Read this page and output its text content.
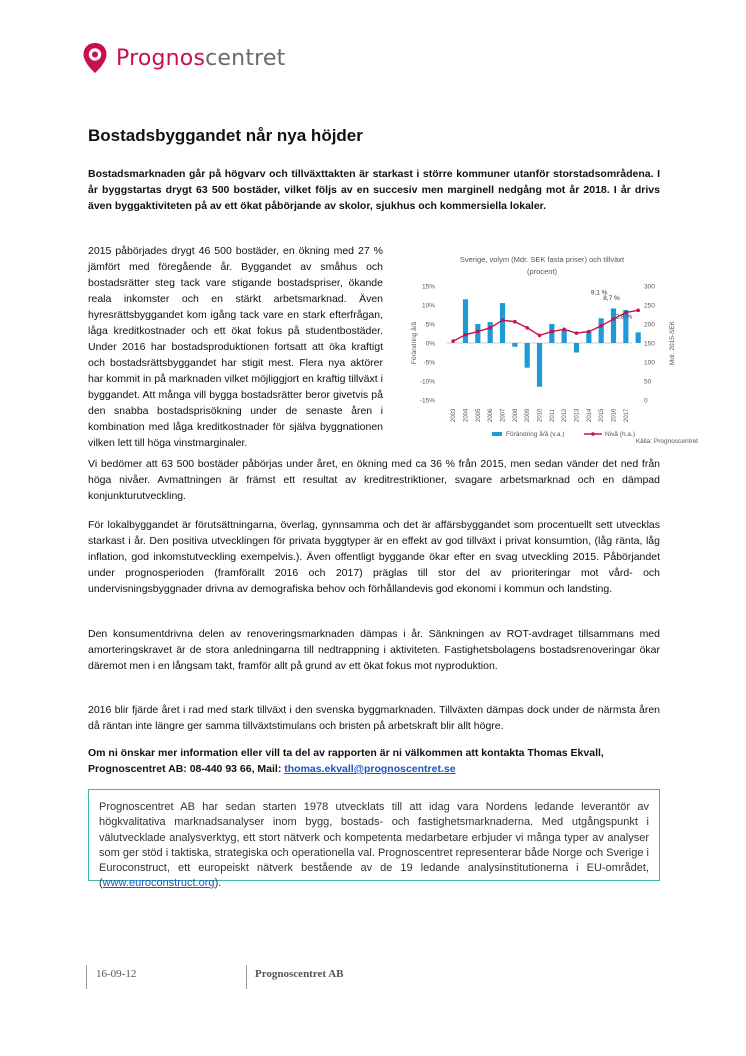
Prognoscentret
Bostadsbyggandet når nya höjder

Bostadsmarknaden går på högvarv och tillväxttakten är starkast i större kommuner utanför storstadsområdena. I år byggstartas drygt 63 500 bostäder, vilket följs av en succesiv men marginell nedgång mot år 2018. I år drivs även byggaktiviteten på av ett ökat påbörjande av skolor, sjukhus och kommersiella lokaler.

2015 påbörjades drygt 46 500 bostäder, en ökning med 27 % jämfört med föregående år. Byggandet av småhus och bostadsrätter steg tack vare stigande bostadspriser, ökande reala inkomster och en stärkt arbetsmarknad. Även hyresrättsbyggandet kom igång tack vare en stark efterfrågan, låga kreditkostnader och ett ökat fokus på studentbostäder. Under 2016 har bostadsproduktionen fortsatt att öka kraftigt och bostadsrättsbyggandet har stigit mest. Flera nya aktörer har kommit in på marknaden vilket möjliggjort en kraftig tillväxt i byggandet. Att många vill bygga bostadsrätter beror givetvis på den snabba bostadsprisökning under de senaste åren i kombination med låga kreditkostnader för själva byggnationen vilken lett till höga vinstmarginaler.

Vi bedömer att 63 500 bostäder påbörjas under året, en ökning med ca 36 % från 2015, men sedan vänder det ned från höga nivåer. Avmattningen är främst ett resultat av kreditrestriktioner, svagare arbetsmarknad och en dämpad konjunkturutveckling.

För lokalbyggandet är förutsättningarna, överlag, gynnsamma och det är affärsbyggandet som procentuellt sett utvecklas starkast i år. Den positiva utvecklingen för privata byggtyper är en effekt av god tillväxt i privat konsumtion, (låg ränta, låg inflation, god inkomstutveckling exempelvis.). Även offentligt byggande ökar efter en svag utveckling 2015. Påbörjandet under prognosperioden (framförallt 2016 och 2017) präglas till stor del av prioriteringar mot vård- och undervisningsbyggnader drivna av demografiska behov och förhållandevis god ekonomi i kommun och landsting.

Den konsumentdrivna delen av renoveringsmarknaden dämpas i år. Sänkningen av ROT-avdraget tillsammans med amorteringskravet är de stora anledningarna till nedtrappning i aktiviteten. Fastighetsbolagens bostadsrenoveringar ökar däremot men i en långsam takt, framför allt på grund av ett ökat fokus mot nyproduktion.

2016 blir fjärde året i rad med stark tillväxt i den svenska byggmarknaden. Tillväxten dämpas dock under de närmsta åren då räntan inte längre ger samma tillväxtstimulans och bristen på arbetskraft blir allt högre.

Sverige, volym (Mdr. SEK fasta priser) och tillväxt
(procent)
9,1 %
8,7 %
2,8 %
15%
10%
5%
0%
-5%
-10%
-15%
300
250
200
150
100
50
0
Förändring å/å	Mdr. 2015-SEK
2003 2004 2005 2006 2007 2008 2009 2010 2011 2012 2013 2014 2015 2016 2017
Förändring å/å (v.a.)	Nivå (h.a.)
Källa: Prognoscentret

Om ni önskar mer information eller vill ta del av rapporten är ni välkommen att kontakta Thomas Ekvall, Prognoscentret AB: 08-440 93 66, Mail: thomas.ekvall@prognoscentret.se

Prognoscentret AB har sedan starten 1978 utvecklats till att idag vara Nordens ledande leverantör av högkvalitativa marknadsanalyser inom bygg, bostads- och fastighetsmarknaderna. Med utgångspunkt i välutvecklade analysverktyg, ett stort nätverk och kompetenta medarbetare erbjuder vi många typer av analyser som ger stöd i taktiska, strategiska och operationella val. Prognoscentret representerar både Norge och Sverige i Euroconstruct, ett europeiskt nätverk bestående av de 19 ledande analysinstitutionerna i EU-området, (www.euroconstruct.org).

16-09-12	Prognoscentret AB
